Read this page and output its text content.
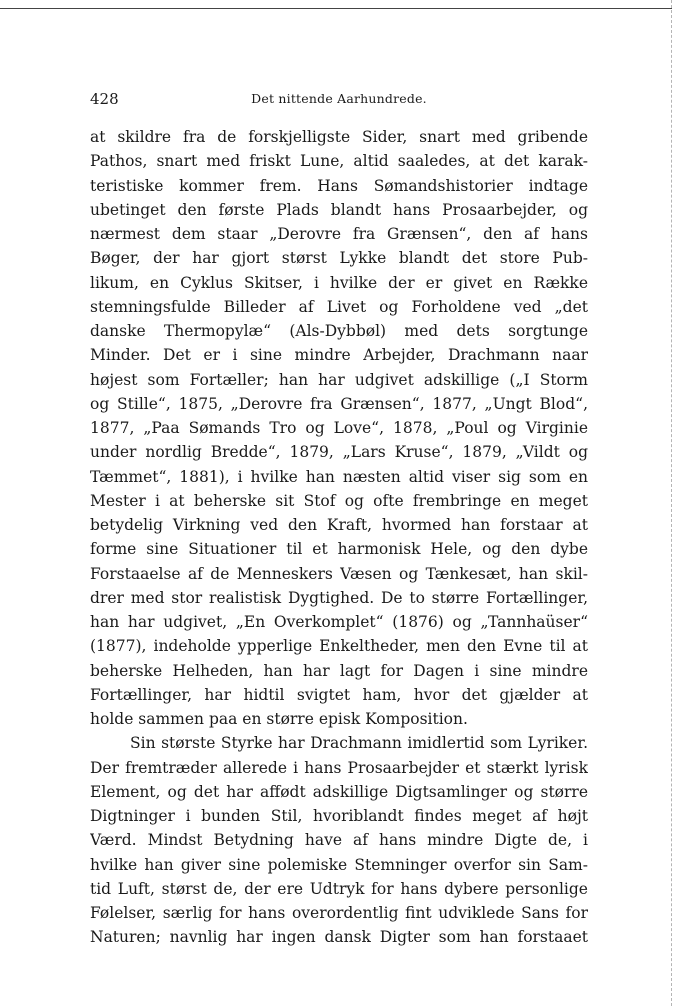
428	Det nittende Aarhundrede.
at skildre fra de forskjelligste Sider, snart med gribende
Pathos, snart med friskt Lune, altid saaledes, at det karak-
teristiske kommer frem. Hans Sømandshistorier indtage
ubetinget den første Plads blandt hans Prosaarbejder, og
nærmest dem staar „Derovre fra Grænsen“, den af hans
Bøger, der har gjort størst Lykke blandt det store Pub-
likum, en Cyklus Skitser, i hvilke der er givet en Række
stemningsfulde Billeder af Livet og Forholdene ved „det
danske Thermopylæ“ (Als-Dybbøl) med dets sorgtunge
Minder. Det er i sine mindre Arbejder, Drachmann naar
højest som Fortæller; han har udgivet adskillige („I Storm
og Stille“, 1875, „Derovre fra Grænsen“, 1877, „Ungt Blod“,
1877, „Paa Sømands Tro og Love“, 1878, „Poul og Virginie
under nordlig Bredde“, 1879, „Lars Kruse“, 1879, „Vildt og
Tæmmet“, 1881), i hvilke han næsten altid viser sig som en
Mester i at beherske sit Stof og ofte frembringe en meget
betydelig Virkning ved den Kraft, hvormed han forstaar at
forme sine Situationer til et harmonisk Hele, og den dybe
Forstaaelse af de Menneskers Væsen og Tænkesæt, han skil-
drer med stor realistisk Dygtighed. De to større Fortællinger,
han har udgivet, „En Overkomplet“ (1876) og „Tannhaüser“
(1877), indeholde ypperlige Enkeltheder, men den Evne til at
beherske Helheden, han har lagt for Dagen i sine mindre
Fortællinger, har hidtil svigtet ham, hvor det gjælder at
holde sammen paa en større episk Komposition.
Sin største Styrke har Drachmann imidlertid som Lyriker.
Der fremtræder allerede i hans Prosaarbejder et stærkt lyrisk
Element, og det har affødt adskillige Digtsamlinger og større
Digtninger i bunden Stil, hvoriblandt findes meget af højt
Værd. Mindst Betydning have af hans mindre Digte de, i
hvilke han giver sine polemiske Stemninger overfor sin Sam-
tid Luft, størst de, der ere Udtryk for hans dybere personlige
Følelser, særlig for hans overordentlig fint udviklede Sans for
Naturen; navnlig har ingen dansk Digter som han forstaaet
